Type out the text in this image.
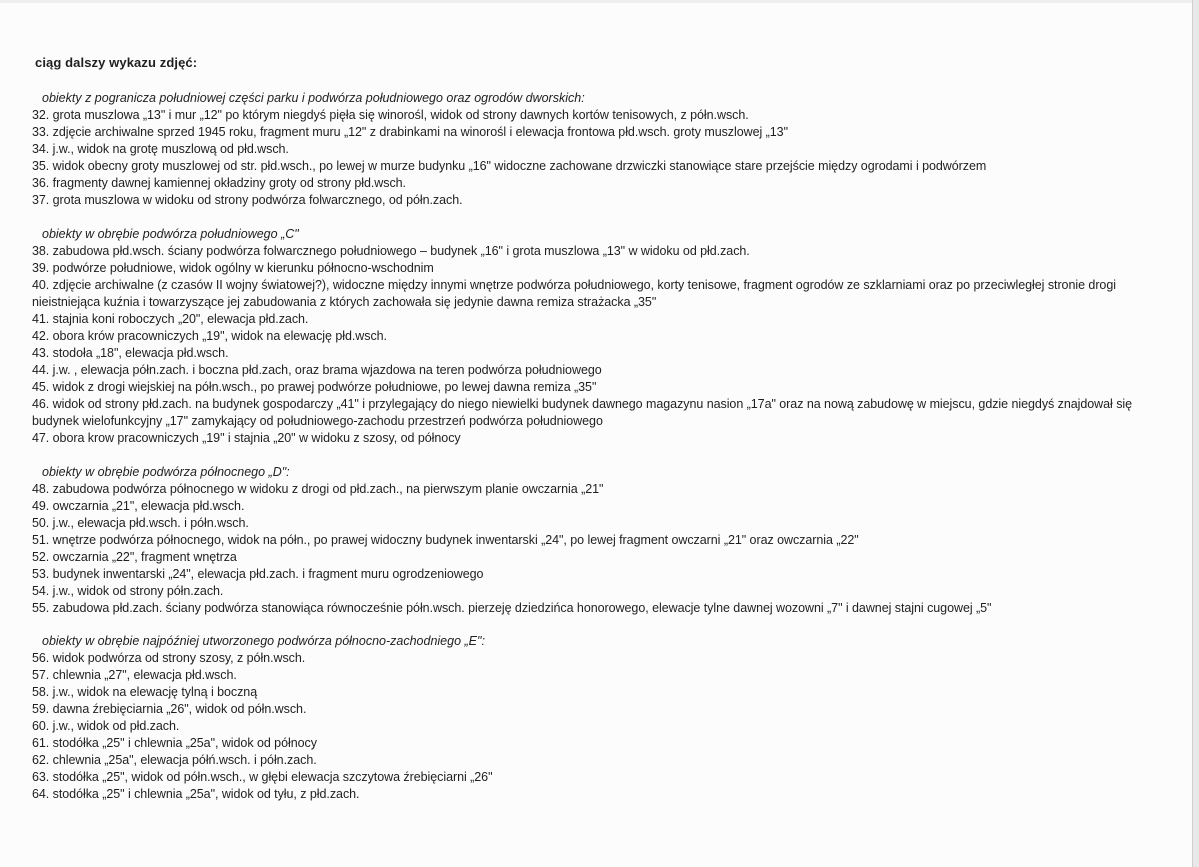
ciąg dalszy wykazu zdjęć:
obiekty z pogranicza południowej części parku i podwórza południowego oraz ogrodów dworskich:
32. grota muszlowa „13" i mur „12" po którym niegdyś pięła się winorośl, widok od strony dawnych kortów tenisowych, z półn.wsch.
33. zdjęcie archiwalne sprzed 1945 roku, fragment muru „12" z drabinkami na winorośl i elewacja frontowa płd.wsch. groty muszlowej „13"
34. j.w., widok na grotę muszlową od płd.wsch.
35. widok obecny groty muszlowej od str. płd.wsch., po lewej w murze budynku „16" widoczne zachowane drzwiczki stanowiące stare przejście między ogrodami i podwórzem
36. fragmenty dawnej kamiennej okładziny groty od strony płd.wsch.
37. grota muszlowa w widoku od strony podwórza folwarcznego, od półn.zach.
obiekty w obrębie podwórza południowego „C"
38. zabudowa płd.wsch. ściany podwórza folwarcznego południowego – budynek „16" i grota muszlowa „13" w widoku od płd.zach.
39. podwórze południowe, widok ogólny w kierunku północno-wschodnim
40. zdjęcie archiwalne (z czasów II wojny światowej?), widoczne między innymi wnętrze podwórza południowego, korty tenisowe, fragment ogrodów ze szklarniami oraz po przeciwległej stronie drogi nieistniejąca kuźnia i towarzyszące jej zabudowania z których zachowała się jedynie dawna remiza strażacka „35"
41. stajnia koni roboczych „20", elewacja płd.zach.
42. obora krów pracowniczych „19", widok na elewację płd.wsch.
43. stodoła „18", elewacja płd.wsch.
44. j.w. , elewacja półn.zach. i boczna płd.zach, oraz brama wjazdowa na teren podwórza południowego
45. widok z drogi wiejskiej na półn.wsch., po prawej podwórze południowe, po lewej dawna remiza „35"
46. widok od strony płd.zach. na budynek gospodarczy „41" i przylegający do niego niewielki budynek dawnego magazynu nasion „17a" oraz na nową zabudowę w miejscu, gdzie niegdyś znajdował się budynek wielofunkcyjny „17" zamykający od południowego-zachodu przestrzeń podwórza południowego
47. obora krow pracowniczych „19" i stajnia „20" w widoku z szosy, od północy
obiekty w obrębie podwórza północnego „D":
48. zabudowa podwórza północnego w widoku z drogi od płd.zach., na pierwszym planie owczarnia „21"
49. owczarnia „21", elewacja płd.wsch.
50. j.w., elewacja płd.wsch. i półn.wsch.
51. wnętrze podwórza północnego, widok na półn., po prawej widoczny budynek inwentarski „24", po lewej fragment owczarni „21" oraz owczarnia „22"
52. owczarnia „22", fragment wnętrza
53. budynek inwentarski „24", elewacja płd.zach. i fragment muru ogrodzeniowego
54. j.w., widok od strony półn.zach.
55. zabudowa płd.zach. ściany podwórza stanowiąca równocześnie półn.wsch. pierzeję dziedzińca honorowego, elewacje tylne dawnej wozowni „7" i dawnej stajni cugowej „5"
obiekty w obrębie najpóźniej utworzonego podwórza północno-zachodniego „E":
56. widok podwórza od strony szosy, z półn.wsch.
57. chlewnia „27", elewacja płd.wsch.
58. j.w., widok na elewację tylną i boczną
59. dawna źrebięciarnia „26", widok od półn.wsch.
60. j.w., widok od płd.zach.
61. stodółka „25" i chlewnia „25a", widok od północy
62. chlewnia „25a", elewacja półń.wsch. i półn.zach.
63. stodółka „25", widok od półn.wsch., w głębi elewacja szczytowa źrebięciarni „26"
64. stodółka „25" i chlewnia „25a", widok od tyłu, z płd.zach.
